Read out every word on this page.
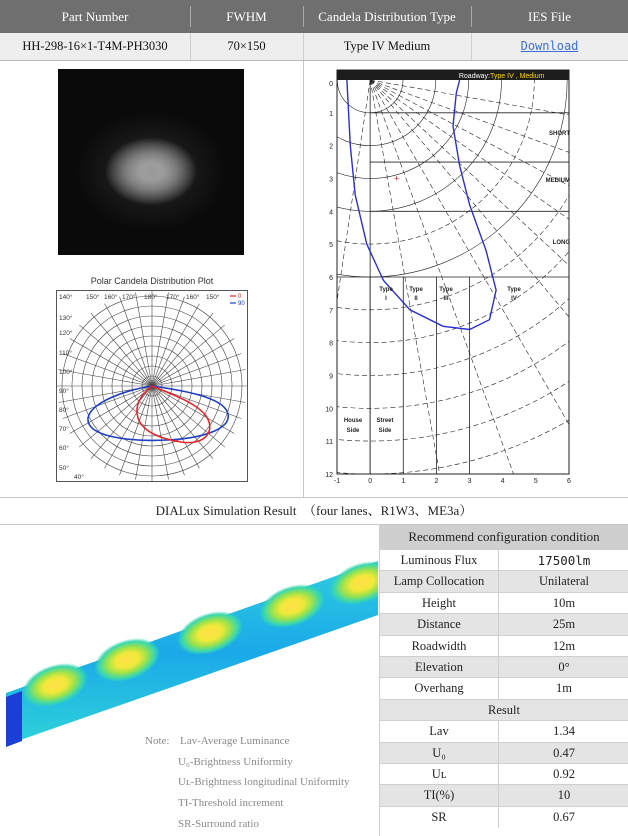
Part Number	FWHM	Candela Distribution Type	IES File
HH-298-16×1-T4M-PH3030	70×150	Type IV Medium	Download
Polar Candela Distribution Plot
140°
130°
120°
110°
100°
90°
80°
70°
60°
50°
40°
150° 160° 170° 180° 170° 160° 150°	0
90
Roadway: Type IV , Medium
+
0
1
2
3
4
5
6
7
8
9
10
11
12
-1	0	1	2	3	4	5	6
SHORT
MEDIUM
LONG
Type
I
Type
II
Type
III
Type
IV
House
Side
Street
Side
DIALux Simulation Result　（four lanes、R1W3、ME3a）
Note: Lav-Average Luminance
U₀-Brightness Uniformity
Uʟ-Brightness longitudinal Uniformity
TI-Threshold increment
SR-Surround ratio
Recommend configuration condition
Luminous Flux	17500lm
Lamp Collocation	Unilateral
Height	10m
Distance	25m
Roadwidth	12m
Elevation	0°
Overhang	1m
Result
Lav	1.34
U₀	0.47
Uʟ	0.92
TI(%)	10
SR	0.67
